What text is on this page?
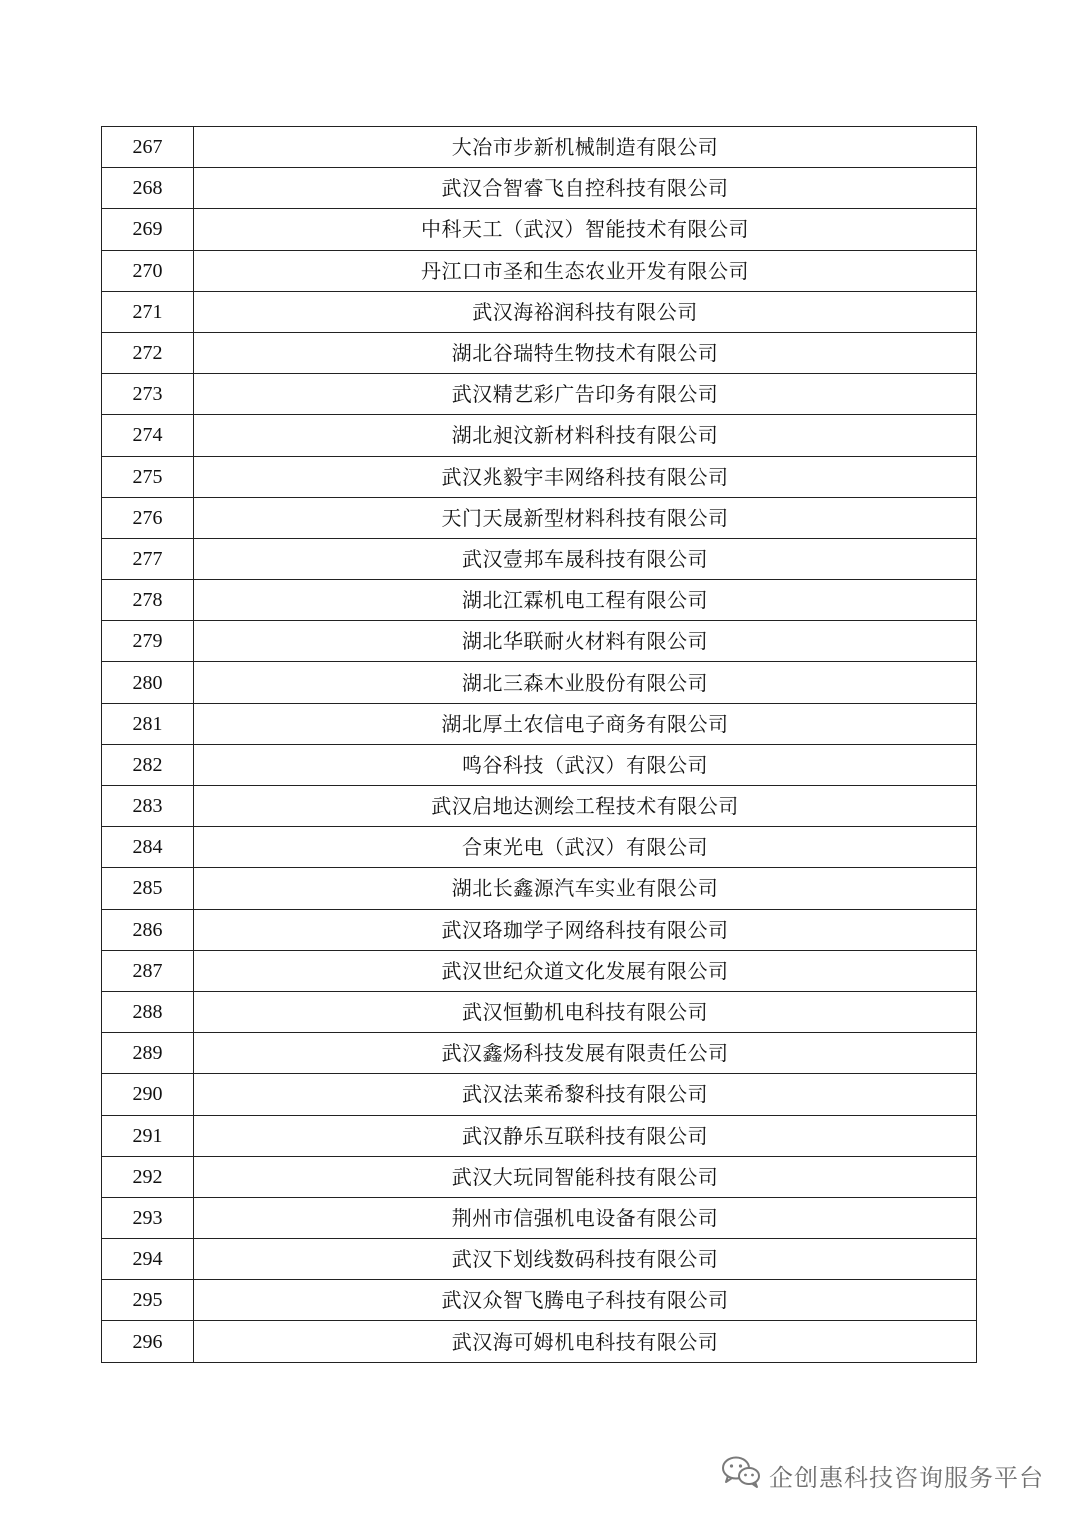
267	大冶市步新机械制造有限公司
268	武汉合智睿飞自控科技有限公司
269	中科天工（武汉）智能技术有限公司
270	丹江口市圣和生态农业开发有限公司
271	武汉海裕润科技有限公司
272	湖北谷瑞特生物技术有限公司
273	武汉精艺彩广告印务有限公司
274	湖北昶汶新材料科技有限公司
275	武汉兆毅宇丰网络科技有限公司
276	天门天晟新型材料科技有限公司
277	武汉壹邦车晟科技有限公司
278	湖北江霖机电工程有限公司
279	湖北华联耐火材料有限公司
280	湖北三森木业股份有限公司
281	湖北厚土农信电子商务有限公司
282	鸣谷科技（武汉）有限公司
283	武汉启地达测绘工程技术有限公司
284	合束光电（武汉）有限公司
285	湖北长鑫源汽车实业有限公司
286	武汉珞珈学子网络科技有限公司
287	武汉世纪众道文化发展有限公司
288	武汉恒勤机电科技有限公司
289	武汉鑫炀科技发展有限责任公司
290	武汉法莱希黎科技有限公司
291	武汉静乐互联科技有限公司
292	武汉大玩同智能科技有限公司
293	荆州市信强机电设备有限公司
294	武汉下划线数码科技有限公司
295	武汉众智飞腾电子科技有限公司
296	武汉海可姆机电科技有限公司
企创惠科技咨询服务平台
